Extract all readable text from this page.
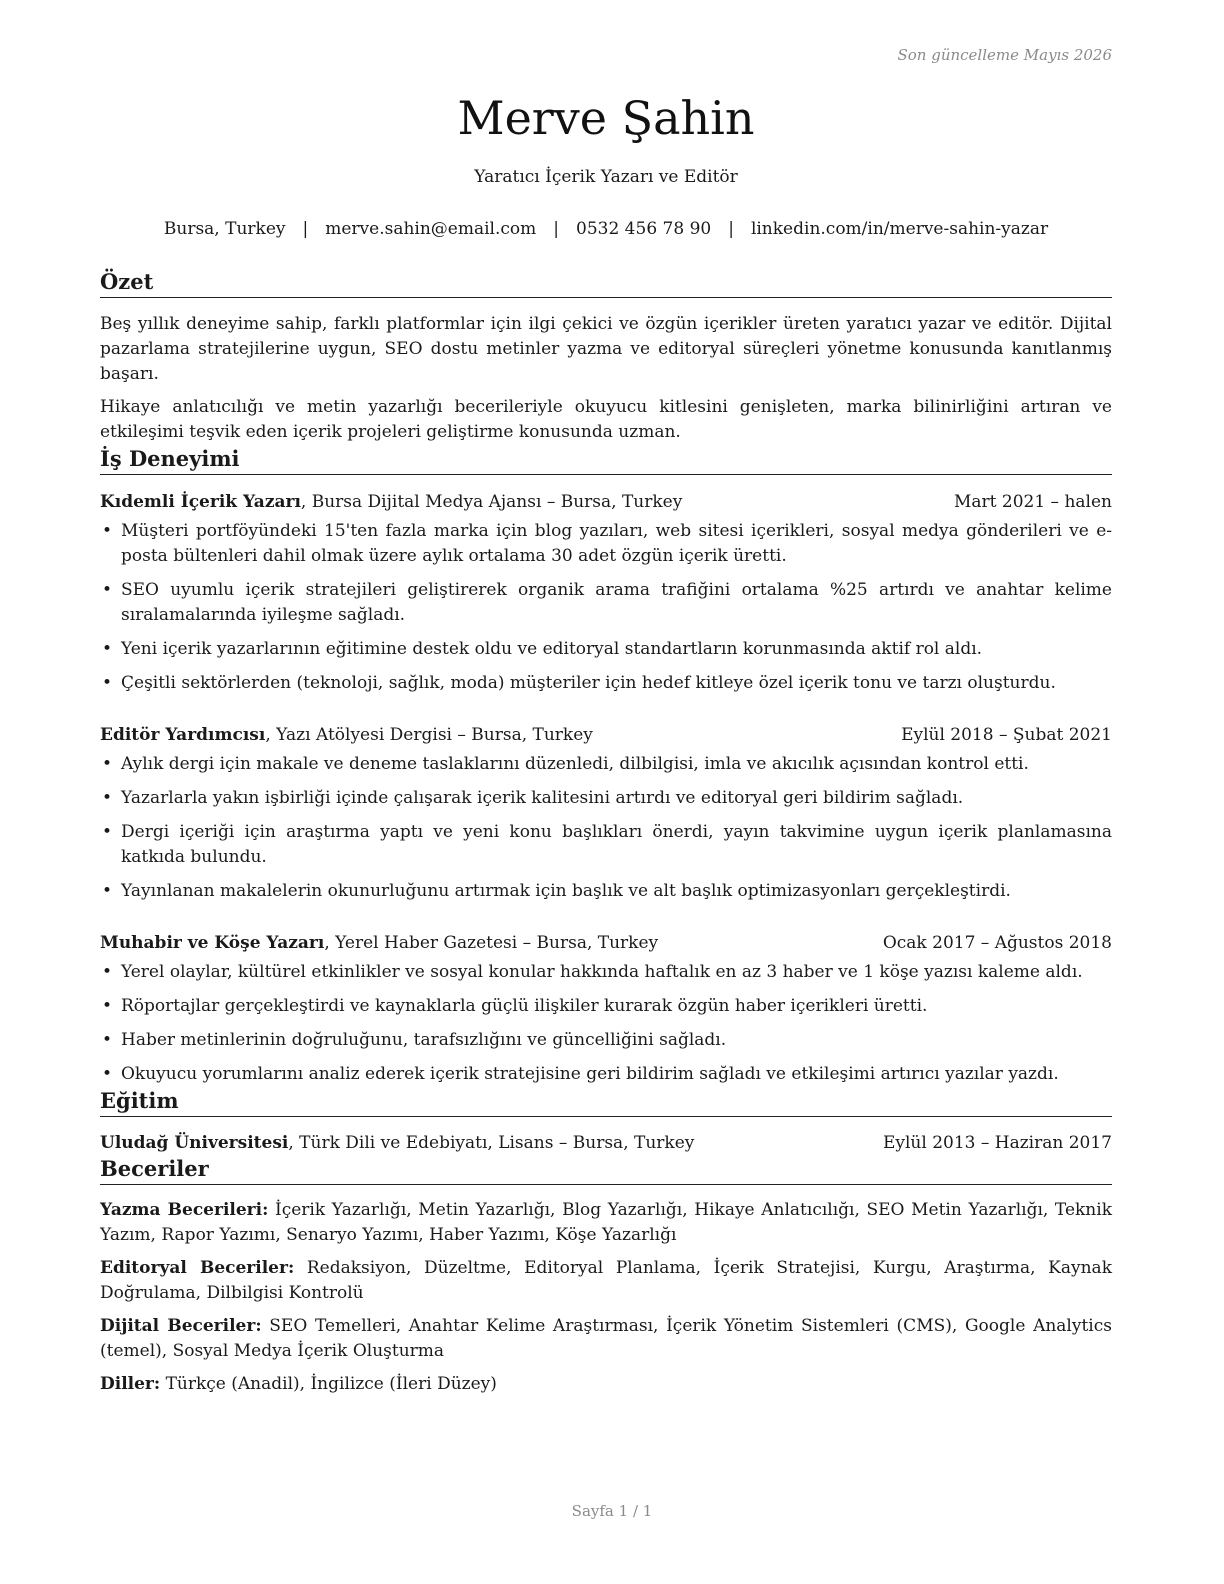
Son güncelleme Mayıs 2026
Merve Şahin
Yaratıcı İçerik Yazarı ve Editör
Bursa, Turkey | merve.sahin@email.com | 0532 456 78 90 | linkedin.com/in/merve-sahin-yazar
Özet

Beş yıllık deneyime sahip, farklı platformlar için ilgi çekici ve özgün içerikler üreten yaratıcı yazar ve editör. Dijital pazarlama stratejilerine uygun, SEO dostu metinler yazma ve editoryal süreçleri yönetme konusunda kanıtlanmış başarı.

Hikaye anlatıcılığı ve metin yazarlığı becerileriyle okuyucu kitlesini genişleten, marka bilinirliğini artıran ve etkileşimi teşvik eden içerik projeleri geliştirme konusunda uzman.

İş Deneyimi
Kıdemli İçerik Yazarı, Bursa Dijital Medya Ajansı – Bursa, Turkey	Mart 2021 – halen
• Müşteri portföyündeki 15'ten fazla marka için blog yazıları, web sitesi içerikleri, sosyal medya gönderileri ve e-posta bültenleri dahil olmak üzere aylık ortalama 30 adet özgün içerik üretti.
• SEO uyumlu içerik stratejileri geliştirerek organik arama trafiğini ortalama %25 artırdı ve anahtar kelime sıralamalarında iyileşme sağladı.
• Yeni içerik yazarlarının eğitimine destek oldu ve editoryal standartların korunmasında aktif rol aldı.
• Çeşitli sektörlerden (teknoloji, sağlık, moda) müşteriler için hedef kitleye özel içerik tonu ve tarzı oluşturdu.
Editör Yardımcısı, Yazı Atölyesi Dergisi – Bursa, Turkey	Eylül 2018 – Şubat 2021
• Aylık dergi için makale ve deneme taslaklarını düzenledi, dilbilgisi, imla ve akıcılık açısından kontrol etti.
• Yazarlarla yakın işbirliği içinde çalışarak içerik kalitesini artırdı ve editoryal geri bildirim sağladı.
• Dergi içeriği için araştırma yaptı ve yeni konu başlıkları önerdi, yayın takvimine uygun içerik planlamasına katkıda bulundu.
• Yayınlanan makalelerin okunurluğunu artırmak için başlık ve alt başlık optimizasyonları gerçekleştirdi.
Muhabir ve Köşe Yazarı, Yerel Haber Gazetesi – Bursa, Turkey	Ocak 2017 – Ağustos 2018
• Yerel olaylar, kültürel etkinlikler ve sosyal konular hakkında haftalık en az 3 haber ve 1 köşe yazısı kaleme aldı.
• Röportajlar gerçekleştirdi ve kaynaklarla güçlü ilişkiler kurarak özgün haber içerikleri üretti.
• Haber metinlerinin doğruluğunu, tarafsızlığını ve güncelliğini sağladı.
• Okuyucu yorumlarını analiz ederek içerik stratejisine geri bildirim sağladı ve etkileşimi artırıcı yazılar yazdı.
Eğitim
Uludağ Üniversitesi, Türk Dili ve Edebiyatı, Lisans – Bursa, Turkey	Eylül 2013 – Haziran 2017
Beceriler

Yazma Becerileri: İçerik Yazarlığı, Metin Yazarlığı, Blog Yazarlığı, Hikaye Anlatıcılığı, SEO Metin Yazarlığı, Teknik Yazım, Rapor Yazımı, Senaryo Yazımı, Haber Yazımı, Köşe Yazarlığı

Editoryal Beceriler: Redaksiyon, Düzeltme, Editoryal Planlama, İçerik Stratejisi, Kurgu, Araştırma, Kaynak Doğrulama, Dilbilgisi Kontrolü

Dijital Beceriler: SEO Temelleri, Anahtar Kelime Araştırması, İçerik Yönetim Sistemleri (CMS), Google Analytics (temel), Sosyal Medya İçerik Oluşturma

Diller: Türkçe (Anadil), İngilizce (İleri Düzey)

Sayfa 1 / 1
